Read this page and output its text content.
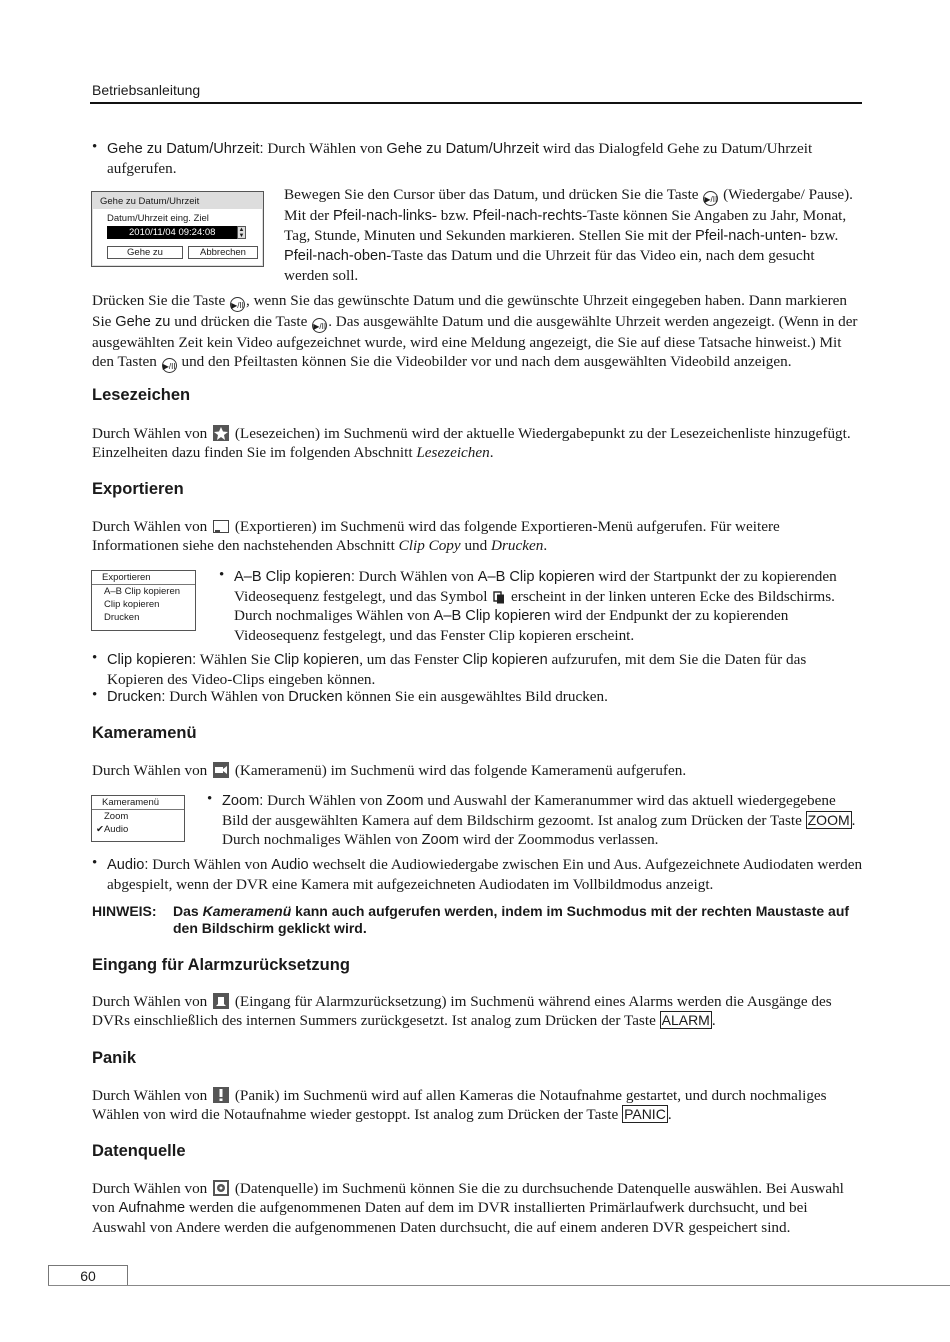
Betriebsanleitung
• Gehe zu Datum/Uhrzeit: Durch Wählen von Gehe zu Datum/Uhrzeit wird das Dialogfeld Gehe zu Datum/Uhrzeit aufgerufen.
Gehe zu Datum/Uhrzeit
Datum/Uhrzeit eing. Ziel
2010/11/04 09:24:08	▲
▼
Gehe zu	Abbrechen
Bewegen Sie den Cursor über das Datum, und drücken Sie die Taste ▶/II (Wiedergabe/ Pause). Mit der Pfeil-nach-links- bzw. Pfeil-nach-rechts-Taste können Sie Angaben zu Jahr, Monat, Tag, Stunde, Minuten und Sekunden markieren. Stellen Sie mit der Pfeil-nach-unten- bzw. Pfeil-nach-oben-Taste das Datum und die Uhrzeit für das Video ein, nach dem gesucht werden soll.
Drücken Sie die Taste ▶/II , wenn Sie das gewünschte Datum und die gewünschte Uhrzeit eingegeben haben. Dann markieren Sie Gehe zu und drücken die Taste ▶/II . Das ausgewählte Datum und die ausgewählte Uhrzeit werden angezeigt. (Wenn in der ausgewählten Zeit kein Video aufgezeichnet wurde, wird eine Meldung angezeigt, die Sie auf diese Tatsache hinweist.) Mit den Tasten ▶/II und den Pfeiltasten können Sie die Videobilder vor und nach dem ausgewählten Videobild anzeigen.
Lesezeichen
Durch Wählen von (Lesezeichen) im Suchmenü wird der aktuelle Wiedergabepunkt zu der Lesezeichenliste hinzugefügt. Einzelheiten dazu finden Sie im folgenden Abschnitt Lesezeichen.
Exportieren
Durch Wählen von (Exportieren) im Suchmenü wird das folgende Exportieren-Menü aufgerufen. Für weitere Informationen siehe den nachstehenden Abschnitt Clip Copy und Drucken.
Exportieren
A–B Clip kopieren
Clip kopieren
Drucken
• A–B Clip kopieren: Durch Wählen von A–B Clip kopieren wird der Startpunkt der zu kopierenden Videosequenz festgelegt, und das Symbol erscheint in der linken unteren Ecke des Bildschirms. Durch nochmaliges Wählen von A–B Clip kopieren wird der Endpunkt der zu kopierenden Videosequenz festgelegt, und das Fenster Clip kopieren erscheint.
• Clip kopieren: Wählen Sie Clip kopieren, um das Fenster Clip kopieren aufzurufen, mit dem Sie die Daten für das Kopieren des Video-Clips eingeben können.
• Drucken: Durch Wählen von Drucken können Sie ein ausgewähltes Bild drucken.
Kameramenü
Durch Wählen von (Kameramenü) im Suchmenü wird das folgende Kameramenü aufgerufen.
Kameramenü
Zoom
✔Audio
• Zoom: Durch Wählen von Zoom und Auswahl der Kameranummer wird das aktuell wiedergegebene Bild der ausgewählten Kamera auf dem Bildschirm gezoomt. Ist analog zum Drücken der Taste ZOOM . Durch nochmaliges Wählen von Zoom wird der Zoommodus verlassen.
• Audio: Durch Wählen von Audio wechselt die Audiowiedergabe zwischen Ein und Aus. Aufgezeichnete Audiodaten werden abgespielt, wenn der DVR eine Kamera mit aufgezeichneten Audiodaten im Vollbildmodus anzeigt.
HINWEIS: Das Kameramenü kann auch aufgerufen werden, indem im Suchmodus mit der rechten Maustaste auf den Bildschirm geklickt wird.
Eingang für Alarmzurücksetzung
Durch Wählen von (Eingang für Alarmzurücksetzung) im Suchmenü während eines Alarms werden die Ausgänge des DVRs einschließlich des internen Summers zurückgesetzt. Ist analog zum Drücken der Taste ALARM .
Panik
Durch Wählen von (Panik) im Suchmenü wird auf allen Kameras die Notaufnahme gestartet, und durch nochmaliges Wählen von wird die Notaufnahme wieder gestoppt. Ist analog zum Drücken der Taste PANIC .
Datenquelle
Durch Wählen von (Datenquelle) im Suchmenü können Sie die zu durchsuchende Datenquelle auswählen. Bei Auswahl von Aufnahme werden die aufgenommenen Daten auf dem im DVR installierten Primärlaufwerk durchsucht, und bei Auswahl von Andere werden die aufgenommenen Daten durchsucht, die auf einem anderen DVR gespeichert sind.
60
